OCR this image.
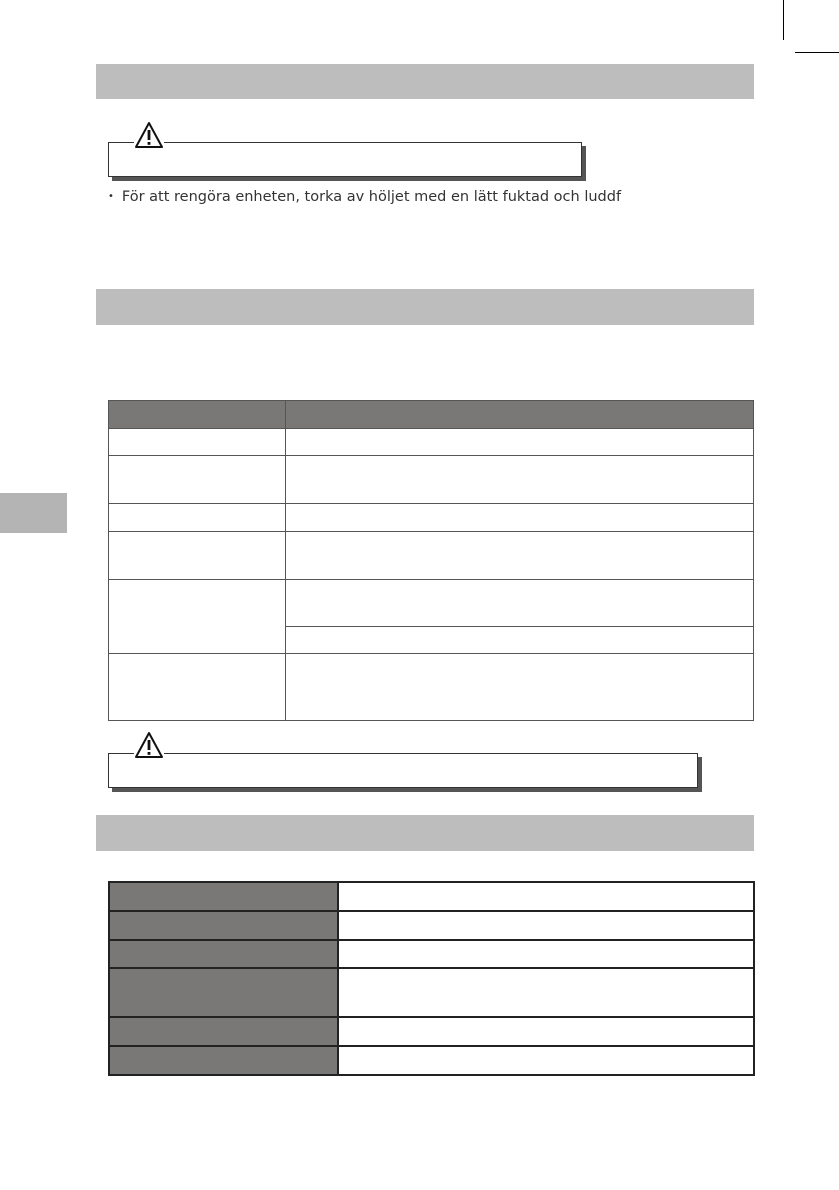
• För att rengöra enheten, torka av höljet med en lätt fuktad och luddf
